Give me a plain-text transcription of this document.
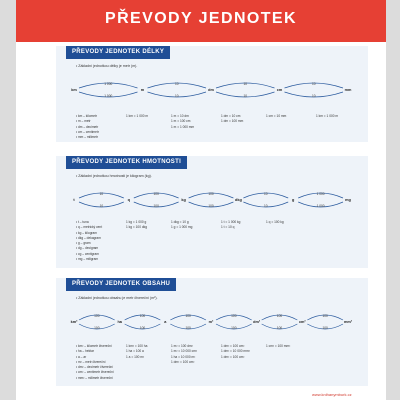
PŘEVODY JEDNOTEK
PŘEVODY JEDNOTEK DÉLKY
• Základní jednotkou délky je metr (m).
km
1 000
1 000
m
10
10
dm
10
10
cm
10
10
mm
• km – kilometr
• m – metr
• dm – decimetr
• cm – centimetr
• mm – milimetr
1 km = 1 000 m	1 m = 10 dm
1 m = 100 cm
1 m = 1 000 mm
1 dm = 10 cm
1 dm = 100 mm
1 cm = 10 mm	1 km = 1 000 m
PŘEVODY JEDNOTEK HMOTNOSTI
• Základní jednotkou hmotnosti je kilogram (kg).
t
10
10
q
100
100
kg
100
100
dkg
10
10
g
1 000
1 000
mg
• t – tuna
• q – metrický cent
• kg – kilogram
• dkg – dekagram
• g – gram
• dg – decigram
• cg – centigram
• mg – miligram
1 kg = 1 000 g
1 kg = 100 dkg
1 dkg = 10 g
1 g = 1 000 mg
1 t = 1 000 kg
1 t = 10 q
1 q = 100 kg
PŘEVODY JEDNOTEK OBSAHU
• Základní jednotkou obsahu je metr čtvereční (m²).
km²
100
100
ha
100
100
a
100
100
m²
100
100
dm²
100
100
cm²
100
100
mm²
• km² – kilometr čtvereční
• ha – hektar
• a – ar
• m² – metr čtvereční
• dm² – decimetr čtvereční
• cm² – centimetr čtvereční
• mm² – milimetr čtvereční
1 km² = 100 ha
1 ha = 100 a
1 a = 100 m²
1 m² = 100 dm²
1 m² = 10 000 cm²
1 ha = 10 000 m²
1 dm² = 100 cm²
1 dm² = 100 cm²
1 dm² = 10 000 mm²
1 dm² = 100 cm²
1 cm² = 100 mm²
www.knihanymburk.cz
